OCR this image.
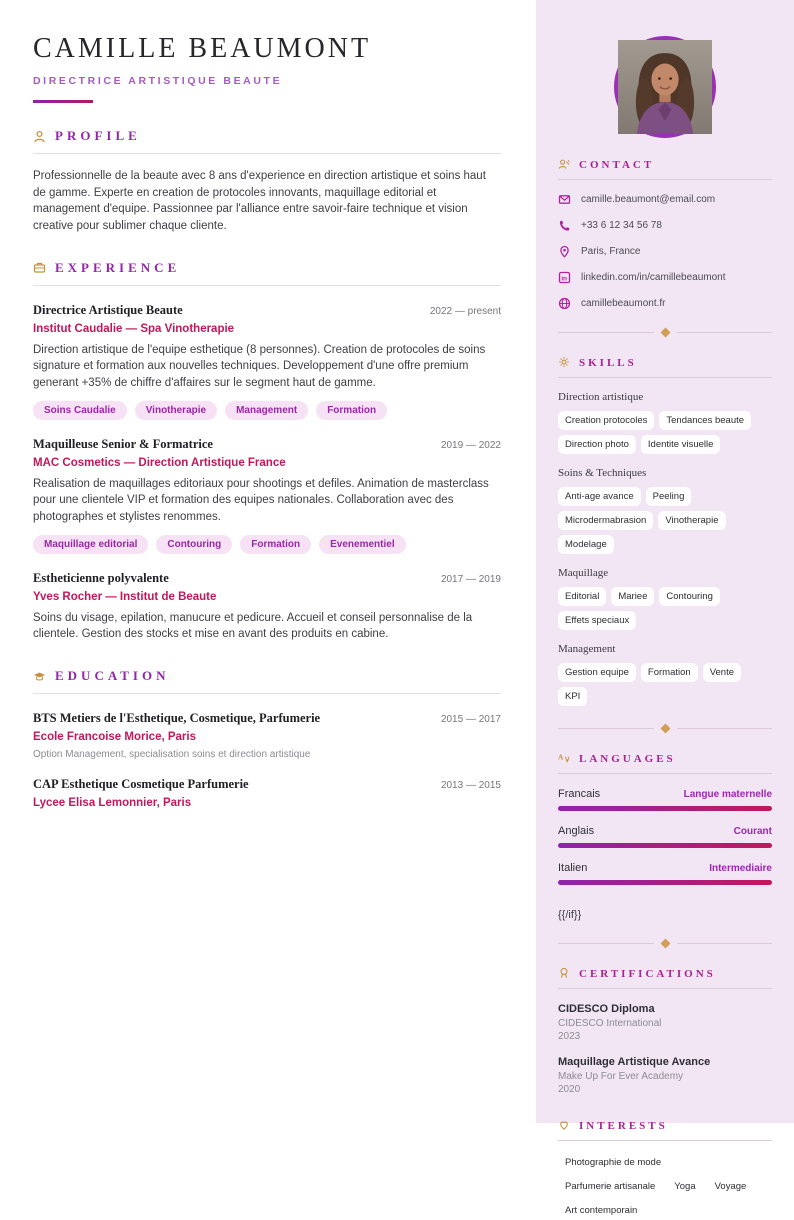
CAMILLE BEAUMONT
DIRECTRICE ARTISTIQUE BEAUTE
PROFILE

Professionnelle de la beaute avec 8 ans d'experience en direction artistique et soins haut de gamme. Experte en creation de protocoles innovants, maquillage editorial et management d'equipe. Passionnee par l'alliance entre savoir-faire technique et vision creative pour sublimer chaque cliente.

EXPERIENCE
Directrice Artistique Beaute	2022 — present
Institut Caudalie — Spa Vinotherapie
Direction artistique de l'equipe esthetique (8 personnes). Creation de protocoles de soins signature et formation aux nouvelles techniques. Developpement d'une offre premium generant +35% de chiffre d'affaires sur le segment haut de gamme.
Soins Caudalie	Vinotherapie	Management	Formation
Maquilleuse Senior & Formatrice	2019 — 2022
MAC Cosmetics — Direction Artistique France
Realisation de maquillages editoriaux pour shootings et defiles. Animation de masterclass pour une clientele VIP et formation des equipes nationales. Collaboration avec des photographes et stylistes renommes.
Maquillage editorial	Contouring	Formation	Evenementiel
Estheticienne polyvalente	2017 — 2019
Yves Rocher — Institut de Beaute
Soins du visage, epilation, manucure et pedicure. Accueil et conseil personnalise de la clientele. Gestion des stocks et mise en avant des produits en cabine.
EDUCATION
BTS Metiers de l'Esthetique, Cosmetique, Parfumerie	2015 — 2017
Ecole Francoise Morice, Paris
Option Management, specialisation soins et direction artistique
CAP Esthetique Cosmetique Parfumerie	2013 — 2015
Lycee Elisa Lemonnier, Paris
CONTACT
camille.beaumont@email.com
+33 6 12 34 56 78
Paris, France
in linkedin.com/in/camillebeaumont
camillebeaumont.fr
SKILLS
Direction artistique
Creation protocoles	Tendances beaute
Direction photo	Identite visuelle
Soins & Techniques
Anti-age avance	Peeling
Microdermabrasion	Vinotherapie
Modelage
Maquillage
Editorial	Mariee	Contouring
Effets speciaux
Management
Gestion equipe	Formation	Vente
KPI
A LANGUAGES
Francais	Langue maternelle
Anglais	Courant
Italien	Intermediaire
{{/if}}
CERTIFICATIONS
CIDESCO Diploma
CIDESCO International
2023
Maquillage Artistique Avance
Make Up For Ever Academy
2020
INTERESTS
Photographie de mode
Parfumerie artisanale	Yoga	Voyage
Art contemporain
